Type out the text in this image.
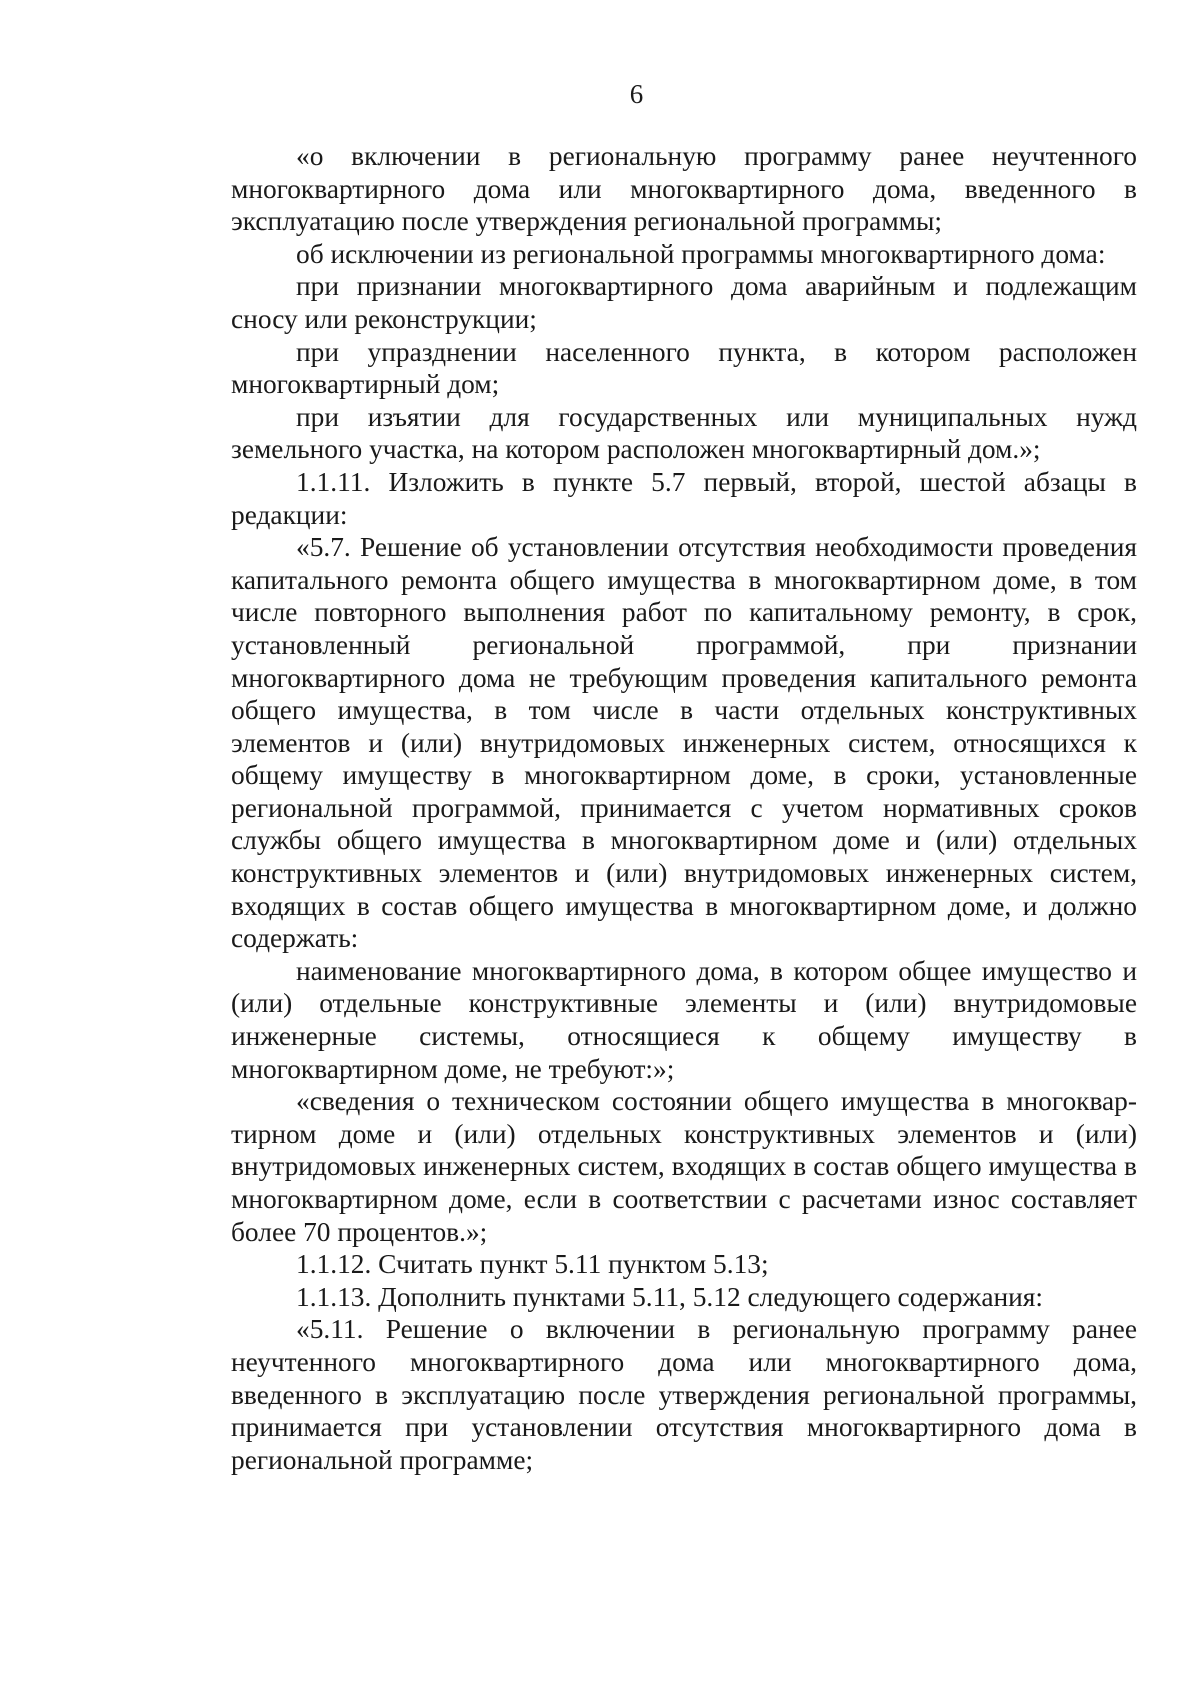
6

«о включении в региональную программу ранее неучтенного многоквартирного дома или многоквартирного дома, введенного в эксплуатацию после утверждения региональной программы;

об исключении из региональной программы многоквартирного дома:

при признании многоквартирного дома аварийным и подлежащим сносу или реконструкции;

при упразднении населенного пункта, в котором расположен многоквартирный дом;

при изъятии для государственных или муниципальных нужд земельного участка, на котором расположен многоквартирный дом.»;

1.1.11. Изложить в пункте 5.7 первый, второй, шестой абзацы в редакции:

«5.7. Решение об установлении отсутствия необходимости проведения капитального ремонта общего имущества в многоквартирном доме, в том числе повторного выполнения работ по капитальному ремонту, в срок, установленный региональной программой, при признании многоквартирного дома не требующим проведения капитального ремонта общего имущества, в том числе в части отдельных конструктивных элементов и (или) внутридомовых инженерных систем, относящихся к общему имуществу в многоквартирном доме, в сроки, установленные региональной программой, принимается с учетом нормативных сроков службы общего имущества в многоквартирном доме и (или) отдельных конструктивных элементов и (или) внутридомовых инженерных систем, входящих в состав общего имущества в многоквартирном доме, и должно содержать:

наименование многоквартирного дома, в котором общее имущество и (или) отдельные конструктивные элементы и (или) внутридомовые инженерные системы, относящиеся к общему имуществу в многоквартирном доме, не требуют:»;

«сведения о техническом состоянии общего имущества в многоквар-тирном доме и (или) отдельных конструктивных элементов и (или) внутридомовых инженерных систем, входящих в состав общего имущества в многоквартирном доме, если в соответствии с расчетами износ составляет более 70 процентов.»;

1.1.12. Считать пункт 5.11 пунктом 5.13;

1.1.13. Дополнить пунктами 5.11, 5.12 следующего содержания:

«5.11. Решение о включении в региональную программу ранее неучтенного многоквартирного дома или многоквартирного дома, введенного в эксплуатацию после утверждения региональной программы, принимается при установлении отсутствия многоквартирного дома в региональной программе;
